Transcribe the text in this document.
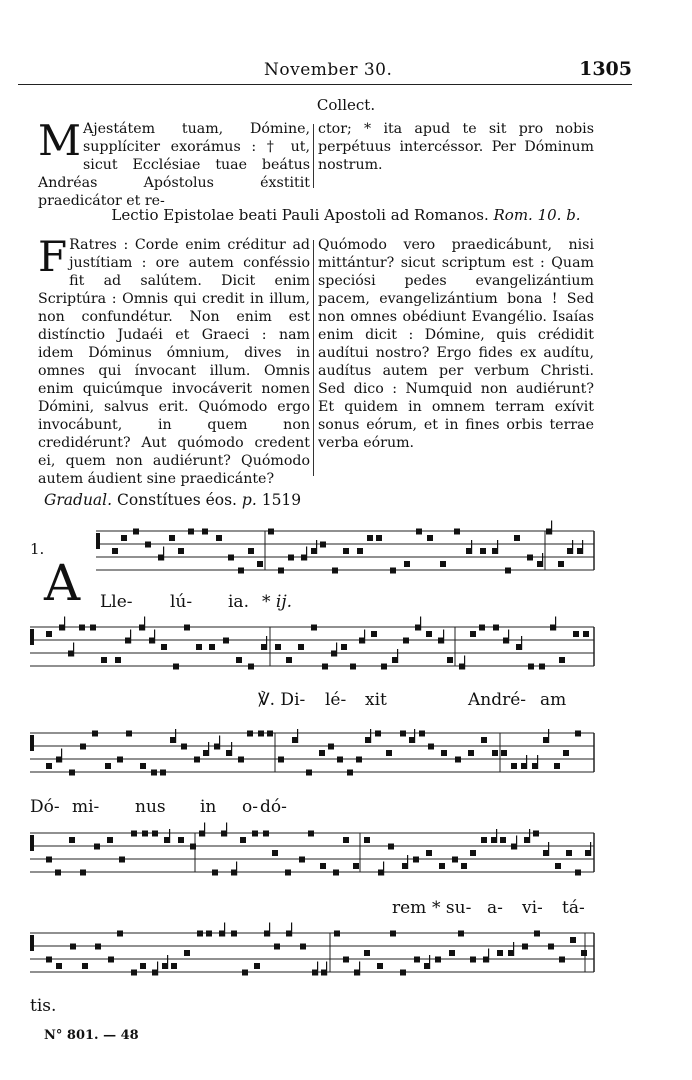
November 30.	1305
Collect.
M Ajestátem tuam, Dómine, supplíciter exorámus : † ut, sicut Ecclésiae tuae beátus Andréas Apóstolus éxstitit praedicátor et re-
ctor; * ita apud te sit pro nobis perpétuus intercéssor. Per Dóminum nostrum.
Lectio Epistolae beati Pauli Apostoli ad Romanos. Rom. 10. b.
F Ratres : Corde enim créditur ad justítiam : ore autem conféssio fit ad salútem. Dicit enim Scriptúra : Omnis qui credit in illum, non confundétur. Non enim est distínctio Judaéi et Graeci : nam idem Dóminus ómnium, dives in omnes qui ínvocant illum. Omnis enim quicúmque invocáverit nomen Dómini, salvus erit. Quómodo ergo invocábunt, in quem non credidérunt? Aut quómodo credent ei, quem non audiérunt? Quómodo autem áudient sine praedicánte?
Quómodo vero praedicábunt, nisi mittántur? sicut scriptum est : Quam speciósi pedes evangelizántium pacem, evangelizántium bona ! Sed non omnes obédiunt Evangélio. Isaías enim dicit : Dómine, quis crédidit audítui nostro? Ergo fides ex audítu, audítus autem per verbum Christi. Sed dico : Numquid non audiérunt? Et quidem in omnem terram exívit sonus eórum, et in fines orbis terrae verba eórum.
Gradual. Constítues éos. p. 1519
1.
A Lle- lú- ia. * ij.
℣. Di- lé- xit	André- am
Dó- mi- nus in o- dó-
rem * su- a- vi- tá-
tis.
N° 801. — 48
